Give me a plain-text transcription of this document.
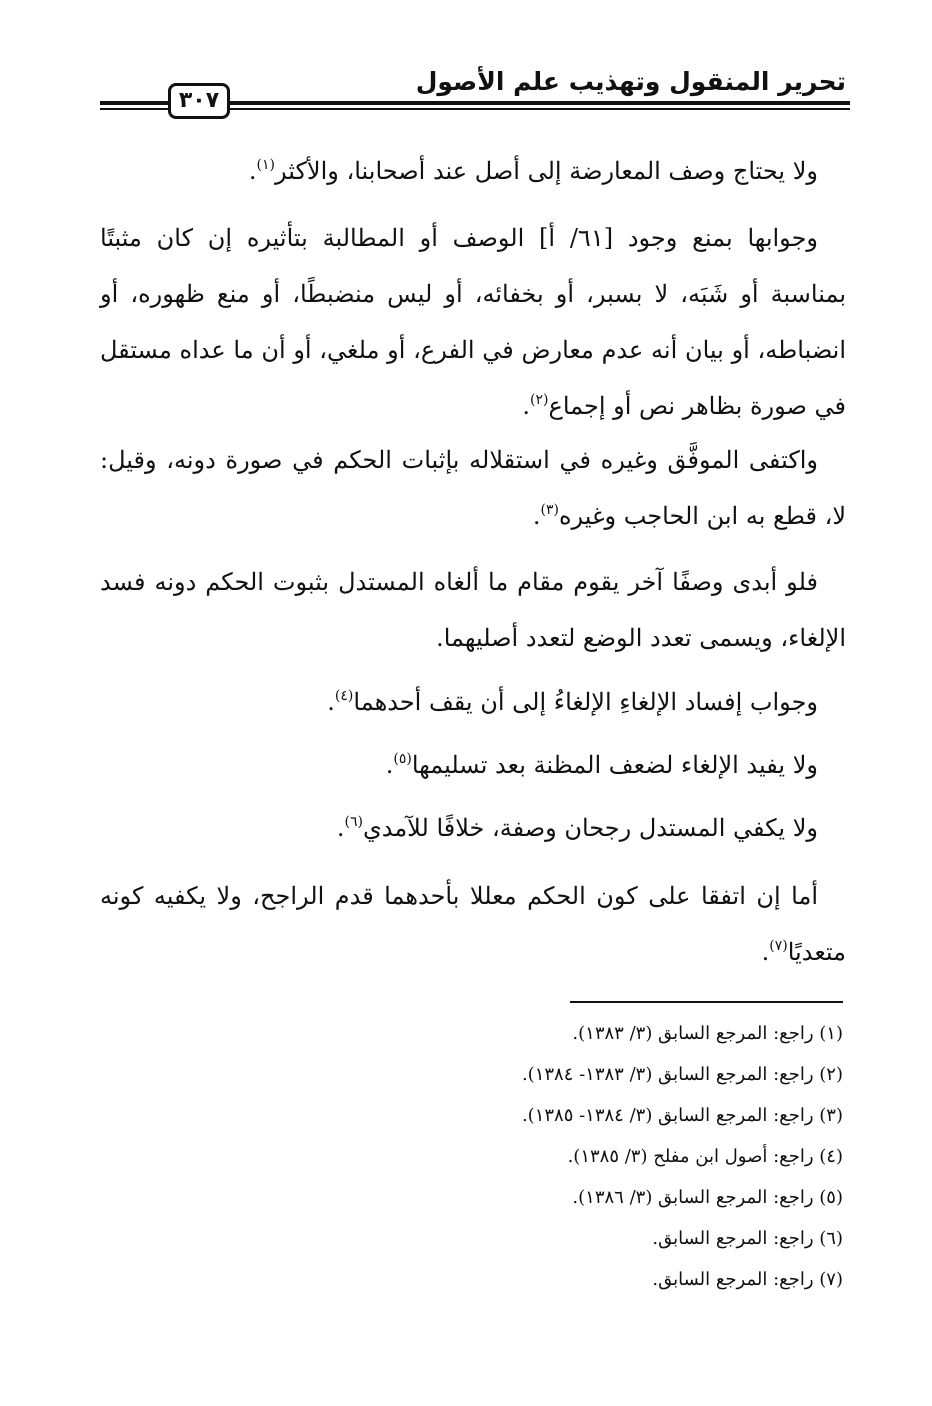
تحرير المنقول وتهذيب علم الأصول
٣٠٧

ولا يحتاج وصف المعارضة إلى أصل عند أصحابنا، والأكثر$^{(١)}$.

وجوابها بمنع وجود [٦١/ أ] الوصف أو المطالبة بتأثيره إن كان مثبتًا بمناسبة أو شَبَه، لا بسبر، أو بخفائه، أو ليس منضبطًا، أو منع ظهوره، أو انضباطه، أو بيان أنه عدم معارض في الفرع، أو ملغي، أو أن ما عداه مستقل في صورة بظاهر نص أو إجماع$^{(٢)}$.

واكتفى الموفَّق وغيره في استقلاله بإثبات الحكم في صورة دونه، وقيل: لا، قطع به ابن الحاجب وغيره$^{(٣)}$.

فلو أبدى وصفًا آخر يقوم مقام ما ألغاه المستدل بثبوت الحكم دونه فسد الإلغاء، ويسمى تعدد الوضع لتعدد أصليهما.

وجواب إفساد الإلغاءِ الإلغاءُ إلى أن يقف أحدهما$^{(٤)}$.

ولا يفيد الإلغاء لضعف المظنة بعد تسليمها$^{(٥)}$.

ولا يكفي المستدل رجحان وصفة، خلافًا للآمدي$^{(٦)}$.

أما إن اتفقا على كون الحكم معللا بأحدهما قدم الراجح، ولا يكفيه كونه متعديًا$^{(٧)}$.

(١) راجع: المرجع السابق (٣/ ١٣٨٣).

(٢) راجع: المرجع السابق (٣/ ١٣٨٣- ١٣٨٤).

(٣) راجع: المرجع السابق (٣/ ١٣٨٤- ١٣٨٥).

(٤) راجع: أصول ابن مفلح (٣/ ١٣٨٥).

(٥) راجع: المرجع السابق (٣/ ١٣٨٦).

(٦) راجع: المرجع السابق.

(٧) راجع: المرجع السابق.
